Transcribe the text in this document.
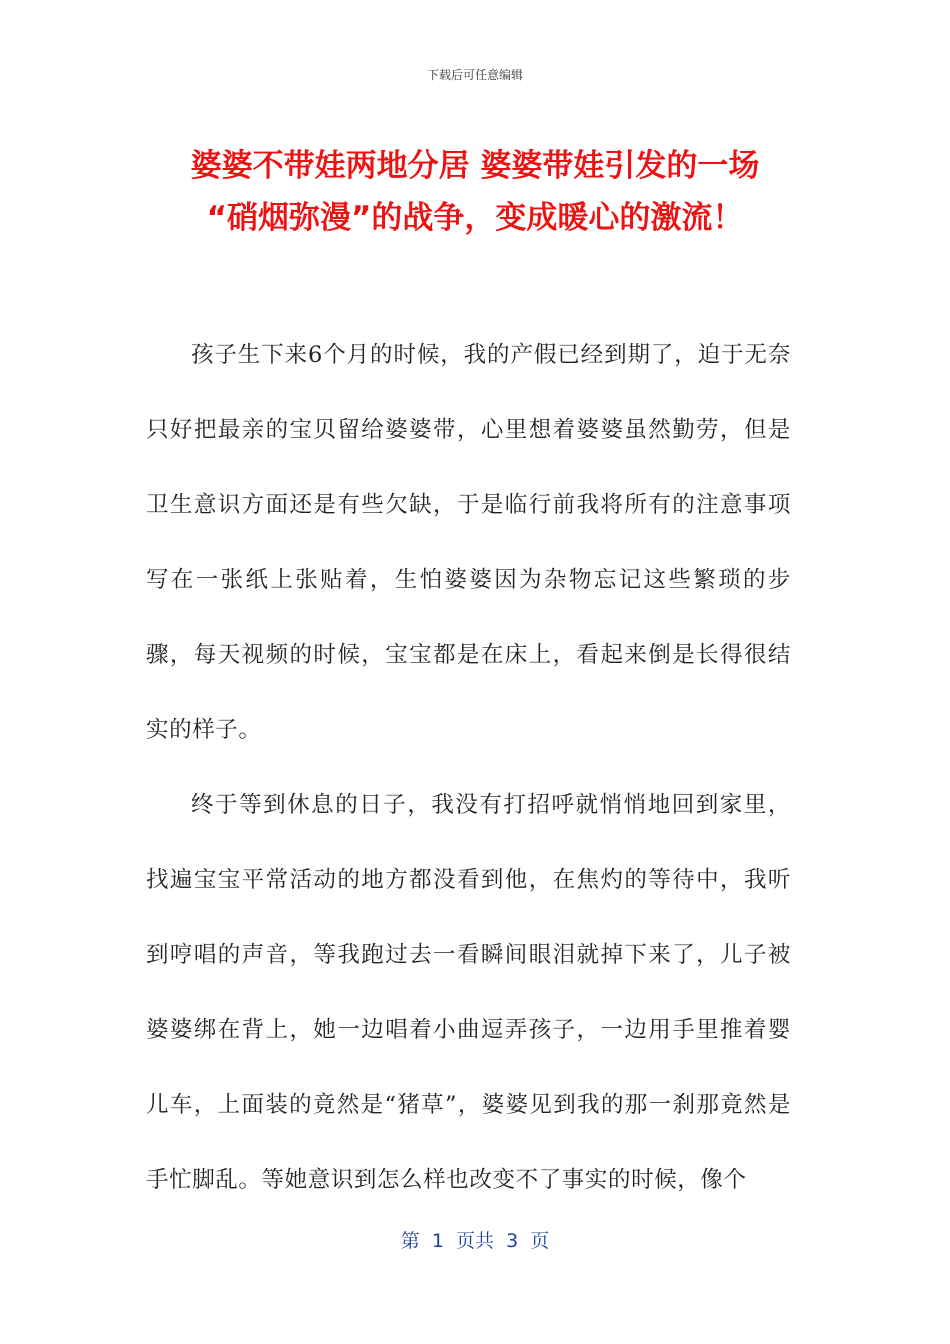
下载后可任意编辑
婆婆不带娃两地分居 婆婆带娃引发的一场
“硝烟弥漫”的战争，变成暖心的激流！

孩子生下来6个月的时候，我的产假已经到期了，迫于无奈只好把最亲的宝贝留给婆婆带，心里想着婆婆虽然勤劳，但是卫生意识方面还是有些欠缺，于是临行前我将所有的注意事项写在一张纸上张贴着，生怕婆婆因为杂物忘记这些繁琐的步骤，每天视频的时候，宝宝都是在床上，看起来倒是长得很结实的样子。

终于等到休息的日子，我没有打招呼就悄悄地回到家里，找遍宝宝平常活动的地方都没看到他，在焦灼的等待中，我听到哼唱的声音，等我跑过去一看瞬间眼泪就掉下来了，儿子被婆婆绑在背上，她一边唱着小曲逗弄孩子，一边用手里推着婴儿车，上面装的竟然是“猪草”，婆婆见到我的那一刹那竟然是手忙脚乱。等她意识到怎么样也改变不了事实的时候，像个

第  1  页共  3  页
